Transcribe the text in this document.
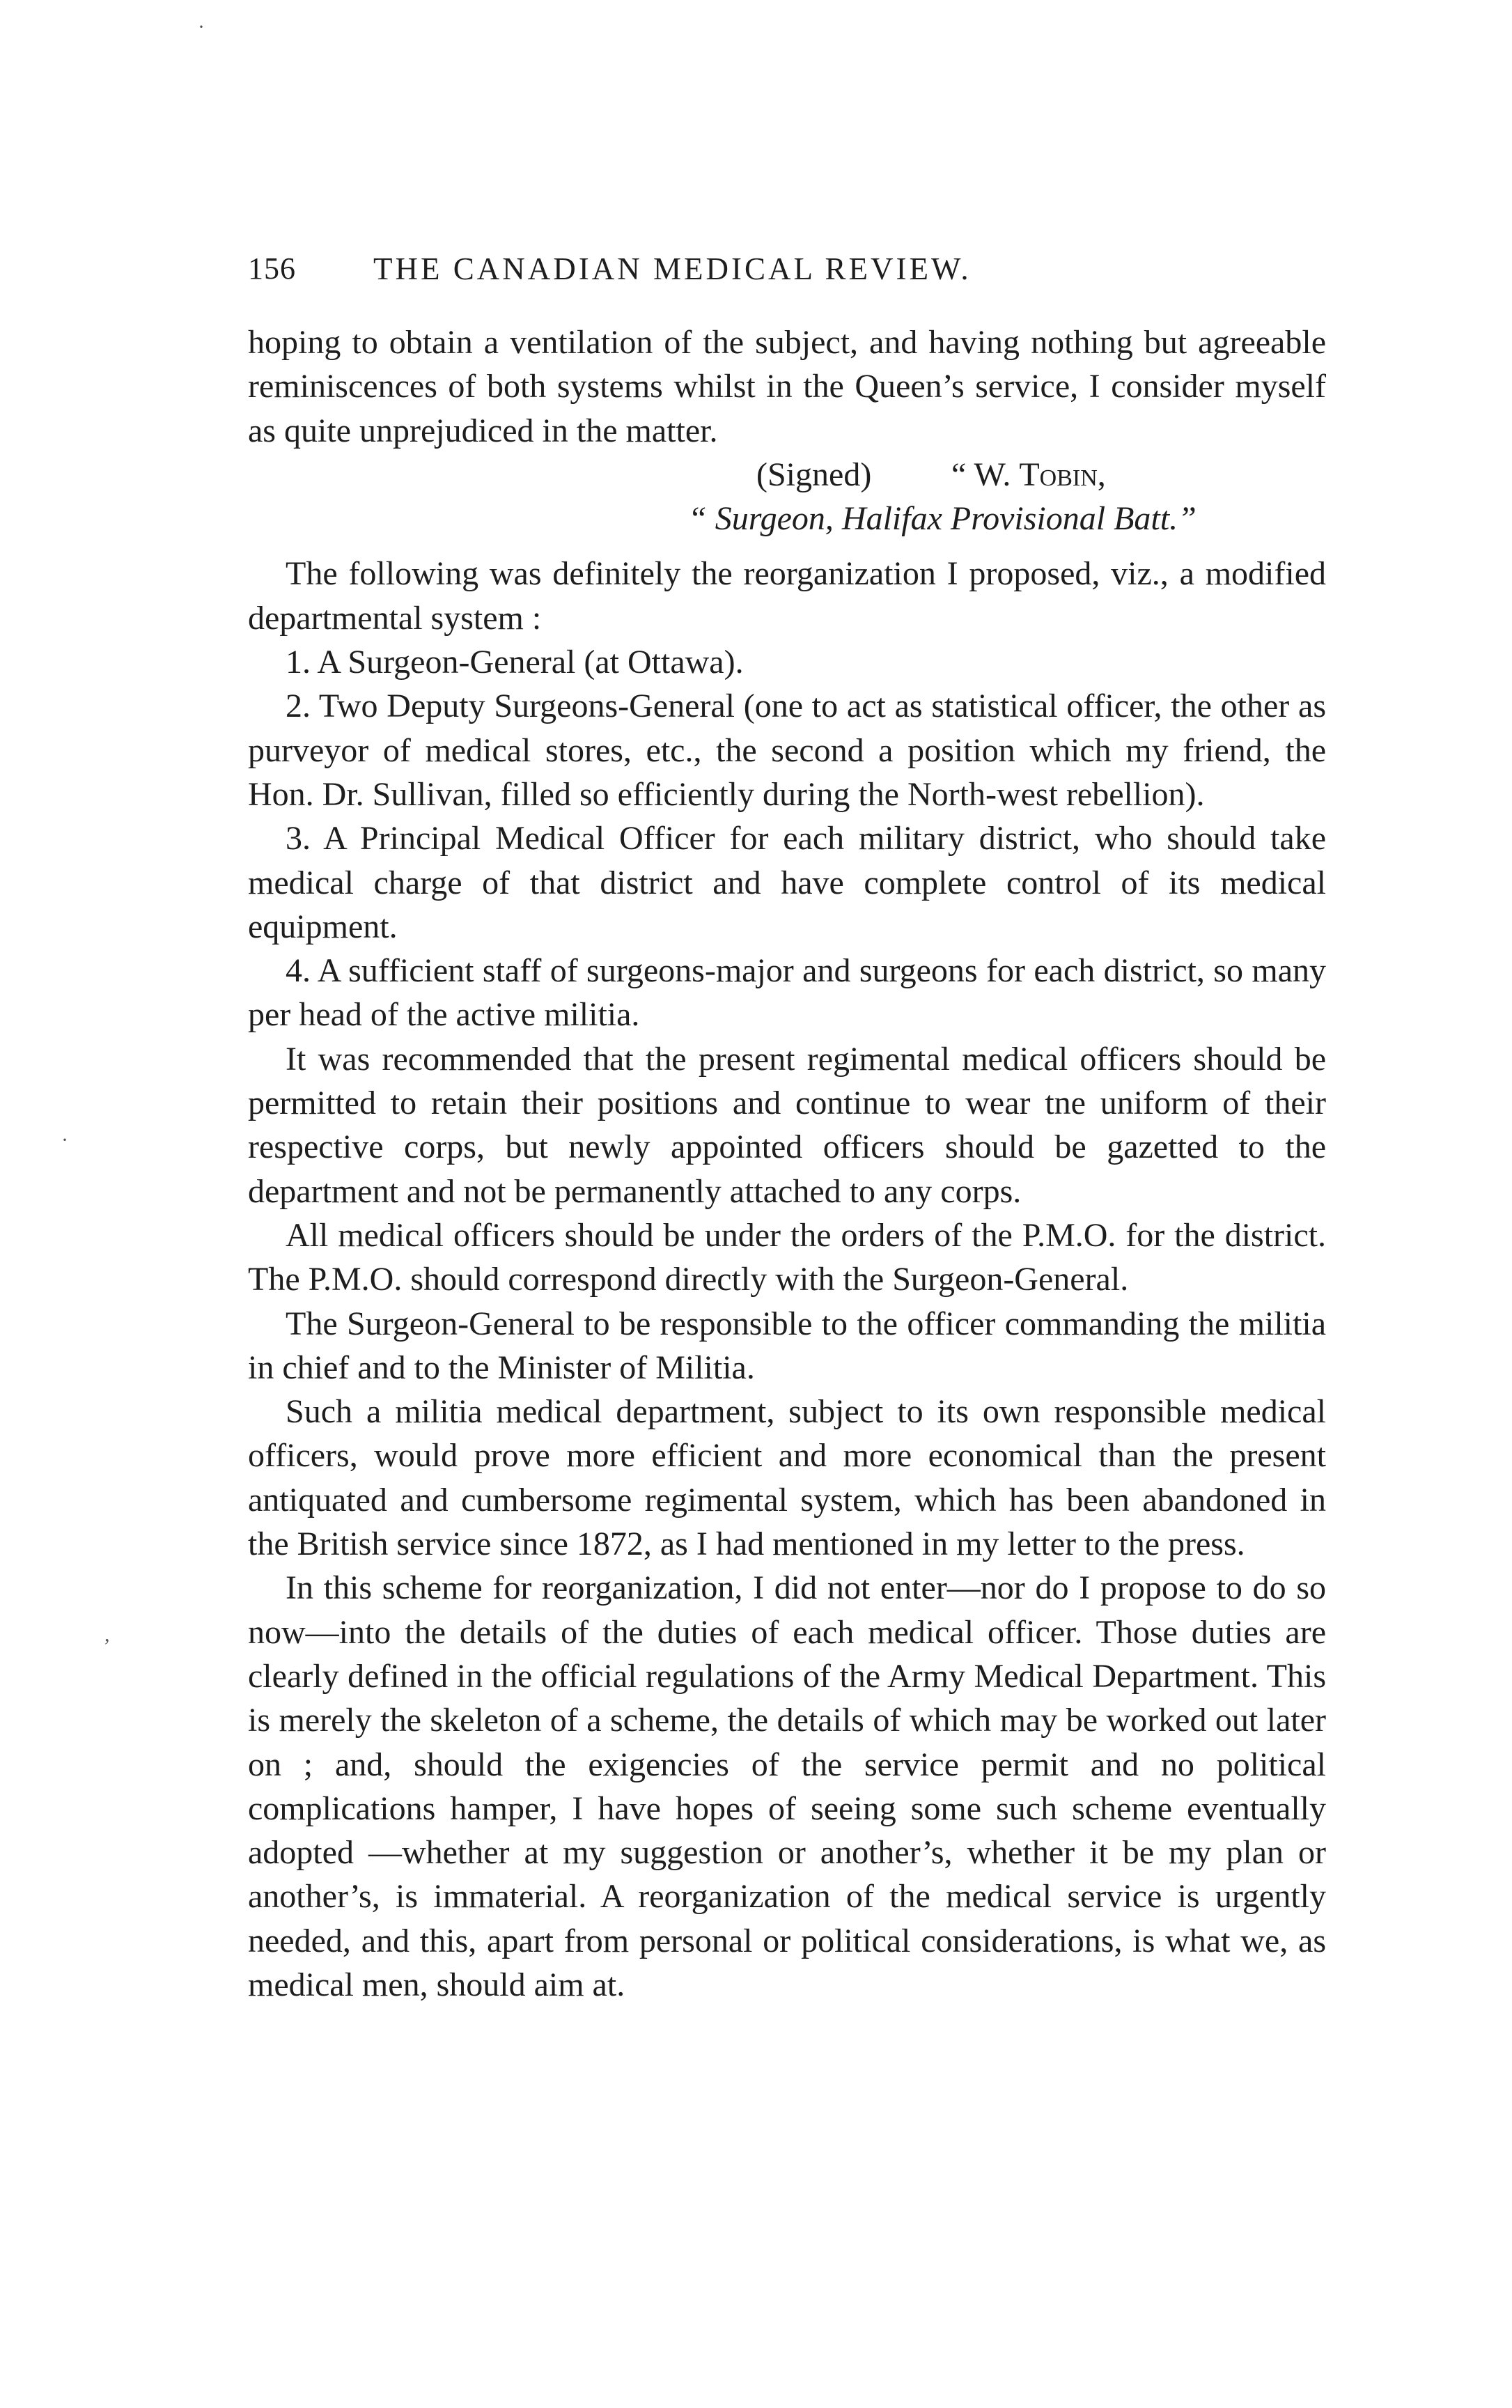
·
·
,
156 THE CANADIAN MEDICAL REVIEW.

hoping to obtain a ventilation of the subject, and having nothing but agreeable reminiscences of both systems whilst in the Queen’s service, I consider myself as quite unprejudiced in the matter.

(Signed) “ W. Tobin,
“ Surgeon, Halifax Provisional Batt.”

The following was definitely the reorganization I proposed, viz., a modified departmental system :

1. A Surgeon-General (at Ottawa).

2. Two Deputy Surgeons-General (one to act as statistical officer, the other as purveyor of medical stores, etc., the second a position which my friend, the Hon. Dr. Sullivan, filled so efficiently during the North-west rebellion).

3. A Principal Medical Officer for each military district, who should take medical charge of that district and have complete control of its medical equipment.

4. A sufficient staff of surgeons-major and surgeons for each district, so many per head of the active militia.

It was recommended that the present regimental medical officers should be permitted to retain their positions and continue to wear tne uniform of their respective corps, but newly appointed officers should be gazetted to the department and not be permanently attached to any corps.

All medical officers should be under the orders of the P.M.O. for the district. The P.M.O. should correspond directly with the Surgeon-General.

The Surgeon-General to be responsible to the officer commanding the militia in chief and to the Minister of Militia.

Such a militia medical department, subject to its own responsible medical officers, would prove more efficient and more economical than the present antiquated and cumbersome regimental system, which has been abandoned in the British service since 1872, as I had mentioned in my letter to the press.

In this scheme for reorganization, I did not enter—nor do I propose to do so now—into the details of the duties of each medical officer. Those duties are clearly defined in the official regulations of the Army Medical Department. This is merely the skeleton of a scheme, the details of which may be worked out later on ; and, should the exigencies of the service permit and no political complications hamper, I have hopes of seeing some such scheme eventually adopted —whether at my suggestion or another’s, whether it be my plan or another’s, is immaterial. A reorganization of the medical service is urgently needed, and this, apart from personal or political considerations, is what we, as medical men, should aim at.
